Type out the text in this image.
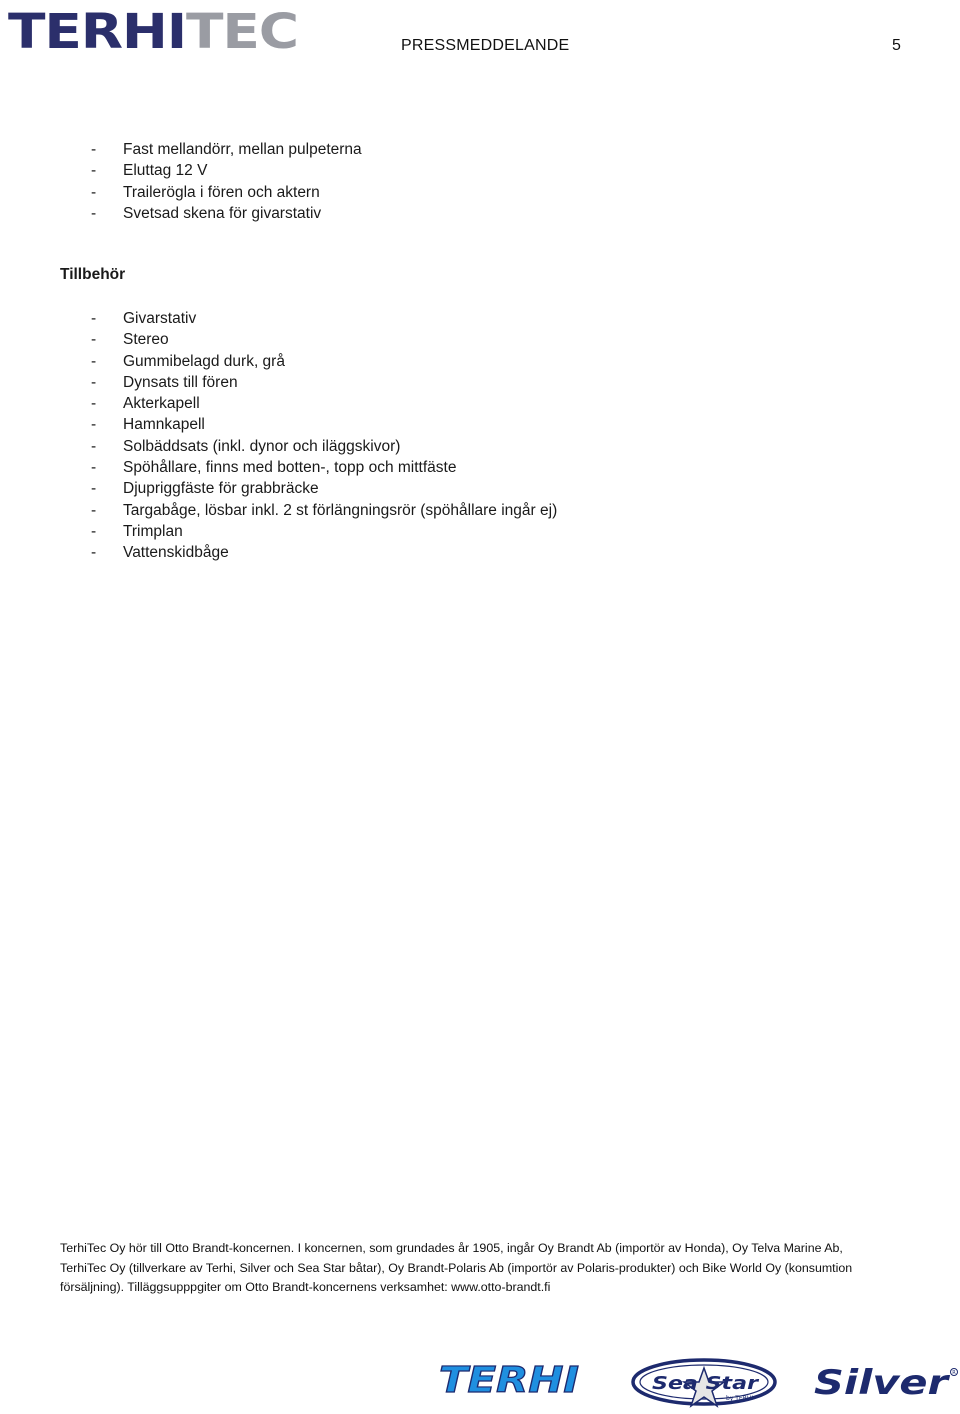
TERHI TEC	PRESSMEDDELANDE	5
- Fast mellandörr, mellan pulpeterna
- Eluttag 12 V
- Trailerögla i fören och aktern
- Svetsad skena för givarstativ
Tillbehör
- Givarstativ
- Stereo
- Gummibelagd durk, grå
- Dynsats till fören
- Akterkapell
- Hamnkapell
- Solbäddsats (inkl. dynor och iläggskivor)
- Spöhållare, finns med botten-, topp och mittfäste
- Djupriggfäste för grabbräcke
- Targabåge, lösbar inkl. 2 st förlängningsrör (spöhållare ingår ej)
- Trimplan
- Vattenskidbåge
TerhiTec Oy hör till Otto Brandt-koncernen. I koncernen, som grundades år 1905, ingår Oy Brandt Ab (importör av Honda), Oy Telva Marine Ab,
TerhiTec Oy (tillverkare av Terhi, Silver och Sea Star båtar), Oy Brandt-Polaris Ab (importör av Polaris-produkter) och Bike World Oy (konsumtion
försäljning). Tilläggsupppgiter om Otto Brandt-koncernens verksamhet: www.otto-brandt.fi
TERHI	Sea Star
by TERHI Silver R
